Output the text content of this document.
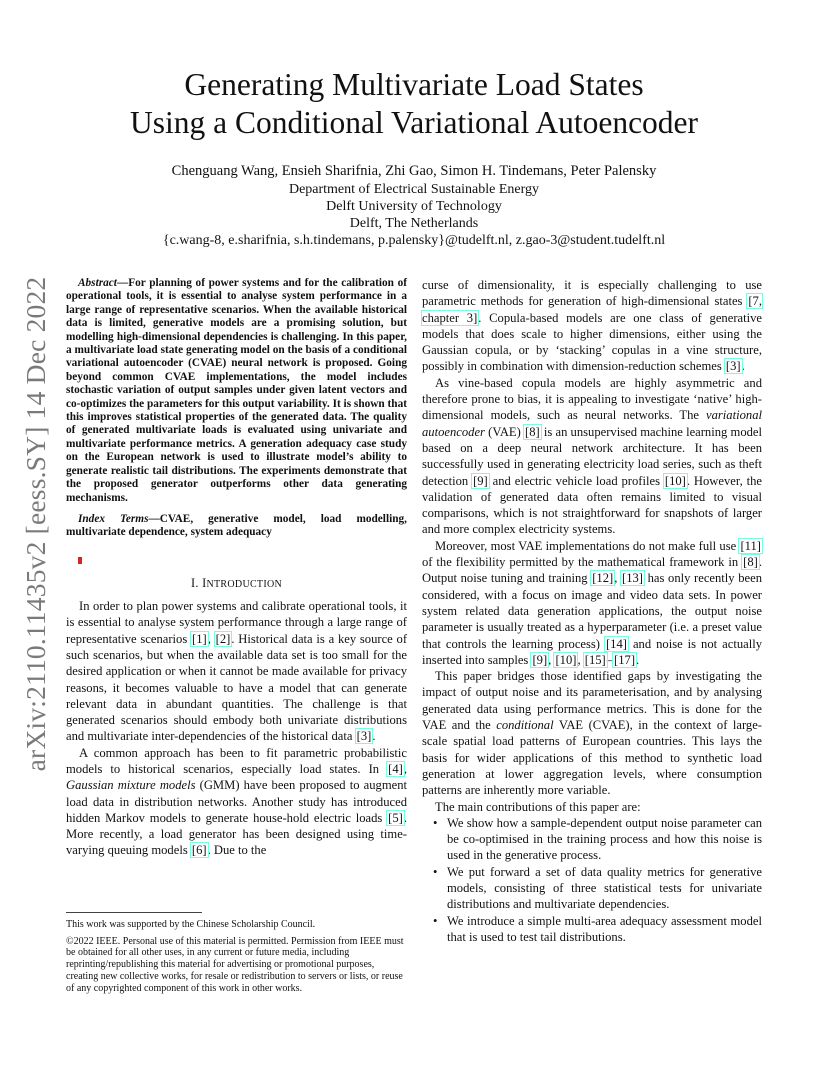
arXiv:2110.11435v2 [eess.SY] 14 Dec 2022
Generating Multivariate Load States
Using a Conditional Variational Autoencoder
Chenguang Wang, Ensieh Sharifnia, Zhi Gao, Simon H. Tindemans, Peter Palensky
Department of Electrical Sustainable Energy
Delft University of Technology
Delft, The Netherlands
{c.wang-8, e.sharifnia, s.h.tindemans, p.palensky}@tudelft.nl, z.gao-3@student.tudelft.nl

Abstract—For planning of power systems and for the calibration of operational tools, it is essential to analyse system performance in a large range of representative scenarios. When the available historical data is limited, generative models are a promising solution, but modelling high-dimensional dependencies is challenging. In this paper, a multivariate load state generating model on the basis of a conditional variational autoencoder (CVAE) neural network is proposed. Going beyond common CVAE implementations, the model includes stochastic variation of output samples under given latent vectors and co-optimizes the parameters for this output variability. It is shown that this improves statistical properties of the generated data. The quality of generated multivariate loads is evaluated using univariate and multivariate performance metrics. A generation adequacy case study on the European network is used to illustrate model’s ability to generate realistic tail distributions. The experiments demonstrate that the proposed generator outperforms other data generating mechanisms.

Index Terms—CVAE, generative model, load modelling, multivariate dependence, system adequacy

I. INTRODUCTION

In order to plan power systems and calibrate operational tools, it is essential to analyse system performance through a large range of representative scenarios [1], [2]. Historical data is a key source of such scenarios, but when the available data set is too small for the desired application or when it cannot be made available for privacy reasons, it becomes valuable to have a model that can generate relevant data in abundant quantities. The challenge is that generated scenarios should embody both univariate distributions and multivariate inter-dependencies of the historical data [3].

A common approach has been to fit parametric probabilistic models to historical scenarios, especially load states. In [4], Gaussian mixture models (GMM) have been proposed to augment load data in distribution networks. Another study has introduced hidden Markov models to generate house-hold electric loads [5]. More recently, a load generator has been designed using time-varying queuing models [6]. Due to the

This work was supported by the Chinese Scholarship Council.

©2022 IEEE. Personal use of this material is permitted. Permission from IEEE must be obtained for all other uses, in any current or future media, including reprinting/republishing this material for advertising or promotional purposes, creating new collective works, for resale or redistribution to servers or lists, or reuse of any copyrighted component of this work in other works.

curse of dimensionality, it is especially challenging to use parametric methods for generation of high-dimensional states [7, chapter 3]. Copula-based models are one class of generative models that does scale to higher dimensions, either using the Gaussian copula, or by ‘stacking’ copulas in a vine structure, possibly in combination with dimension-reduction schemes [3].

As vine-based copula models are highly asymmetric and therefore prone to bias, it is appealing to investigate ‘native’ high-dimensional models, such as neural networks. The variational autoencoder (VAE) [8] is an unsupervised machine learning model based on a deep neural network architecture. It has been successfully used in generating electricity load series, such as theft detection [9] and electric vehicle load profiles [10]. However, the validation of generated data often remains limited to visual comparisons, which is not straightforward for snapshots of larger and more complex electricity systems.

Moreover, most VAE implementations do not make full use [11] of the flexibility permitted by the mathematical framework in [8]. Output noise tuning and training [12], [13] has only recently been considered, with a focus on image and video data sets. In power system related data generation applications, the output noise parameter is usually treated as a hyperparameter (i.e. a preset value that controls the learning process) [14] and noise is not actually inserted into samples [9], [10], [15]–[17].

This paper bridges those identified gaps by investigating the impact of output noise and its parameterisation, and by analysing generated data using performance metrics. This is done for the VAE and the conditional VAE (CVAE), in the context of large-scale spatial load patterns of European countries. This lays the basis for wider applications of this method to synthetic load generation at lower aggregation levels, where consumption patterns are inherently more variable.

The main contributions of this paper are:

• We show how a sample-dependent output noise parameter can be co-optimised in the training process and how this noise is used in the generative process.
• We put forward a set of data quality metrics for generative models, consisting of three statistical tests for univariate distributions and multivariate dependencies.
• We introduce a simple multi-area adequacy assessment model that is used to test tail distributions.
